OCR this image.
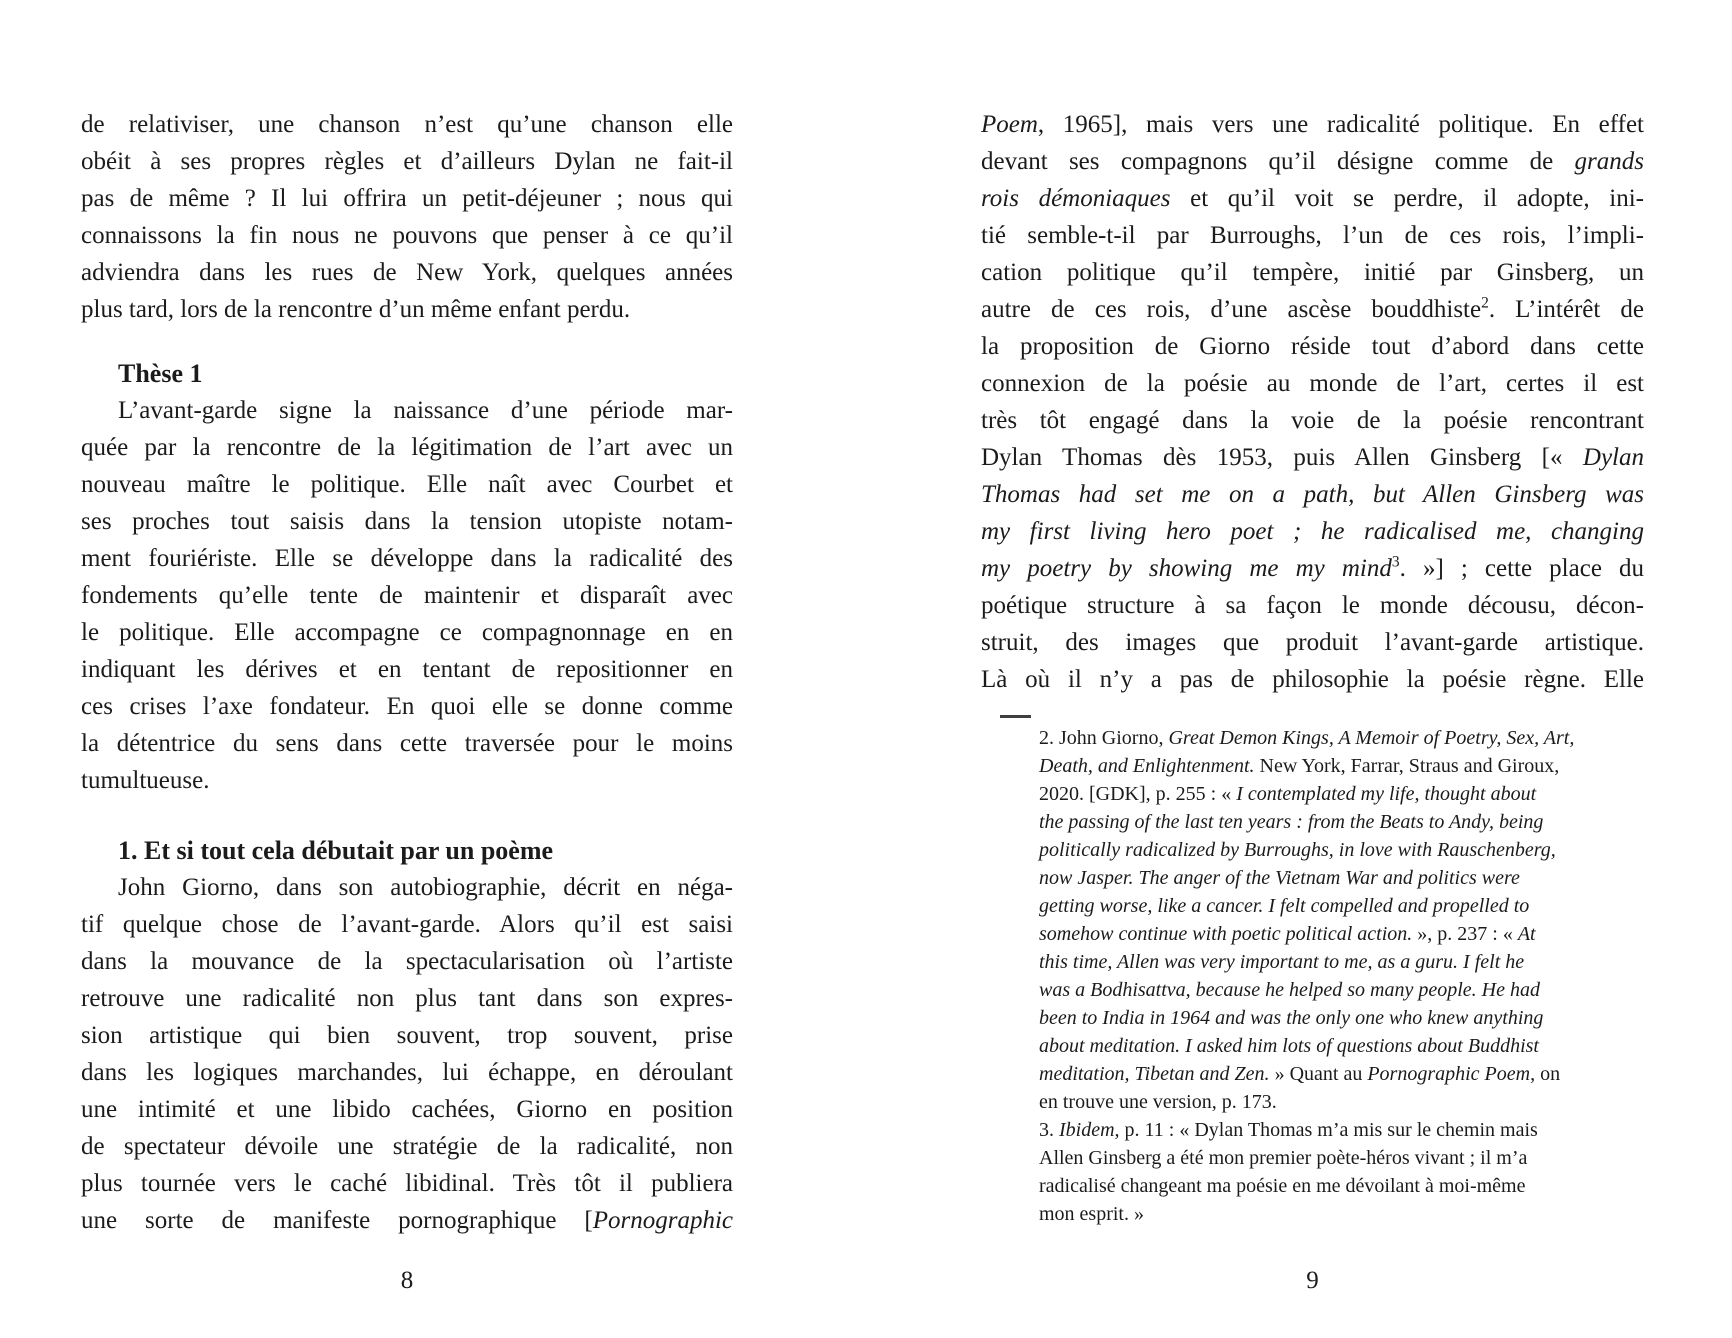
de relativiser, une chanson n’est qu’une chanson elle
obéit à ses propres règles et d’ailleurs Dylan ne fait-il
pas de même ? Il lui offrira un petit-déjeuner ; nous qui
connaissons la fin nous ne pouvons que penser à ce qu’il
adviendra dans les rues de New York, quelques années
plus tard, lors de la rencontre d’un même enfant perdu.
Thèse 1
L’avant-garde signe la naissance d’une période mar-
quée par la rencontre de la légitimation de l’art avec un
nouveau maître le politique. Elle naît avec Courbet et
ses proches tout saisis dans la tension utopiste notam-
ment fouriériste. Elle se développe dans la radicalité des
fondements qu’elle tente de maintenir et disparaît avec
le politique. Elle accompagne ce compagnonnage en en
indiquant les dérives et en tentant de repositionner en
ces crises l’axe fondateur. En quoi elle se donne comme
la détentrice du sens dans cette traversée pour le moins
tumultueuse.
1. Et si tout cela débutait par un poème
John Giorno, dans son autobiographie, décrit en néga-
tif quelque chose de l’avant-garde. Alors qu’il est saisi
dans la mouvance de la spectacularisation où l’artiste
retrouve une radicalité non plus tant dans son expres-
sion artistique qui bien souvent, trop souvent, prise
dans les logiques marchandes, lui échappe, en déroulant
une intimité et une libido cachées, Giorno en position
de spectateur dévoile une stratégie de la radicalité, non
plus tournée vers le caché libidinal. Très tôt il publiera
une sorte de manifeste pornographique [Pornographic
8
Poem, 1965], mais vers une radicalité politique. En effet
devant ses compagnons qu’il désigne comme de grands
rois démoniaques et qu’il voit se perdre, il adopte, ini-
tié semble-t-il par Burroughs, l’un de ces rois, l’impli-
cation politique qu’il tempère, initié par Ginsberg, un
autre de ces rois, d’une ascèse bouddhiste$^2$. L’intérêt de
la proposition de Giorno réside tout d’abord dans cette
connexion de la poésie au monde de l’art, certes il est
très tôt engagé dans la voie de la poésie rencontrant
Dylan Thomas dès 1953, puis Allen Ginsberg [« Dylan
Thomas had set me on a path, but Allen Ginsberg was
my first living hero poet ; he radicalised me, changing
my poetry by showing me my mind$^3$. »] ; cette place du
poétique structure à sa façon le monde décousu, décon-
struit, des images que produit l’avant-garde artistique.
Là où il n’y a pas de philosophie la poésie règne. Elle
2. John Giorno, Great Demon Kings, A Memoir of Poetry, Sex, Art,
Death, and Enlightenment. New York, Farrar, Straus and Giroux,
2020. [GDK], p. 255 : « I contemplated my life, thought about
the passing of the last ten years : from the Beats to Andy, being
politically radicalized by Burroughs, in love with Rauschenberg,
now Jasper. The anger of the Vietnam War and politics were
getting worse, like a cancer. I felt compelled and propelled to
somehow continue with poetic political action. », p. 237 : « At
this time, Allen was very important to me, as a guru. I felt he
was a Bodhisattva, because he helped so many people. He had
been to India in 1964 and was the only one who knew anything
about meditation. I asked him lots of questions about Buddhist
meditation, Tibetan and Zen. » Quant au Pornographic Poem, on
en trouve une version, p. 173.
3. Ibidem, p. 11 : « Dylan Thomas m’a mis sur le chemin mais
Allen Ginsberg a été mon premier poète-héros vivant ; il m’a
radicalisé changeant ma poésie en me dévoilant à moi-même
mon esprit. »
9
